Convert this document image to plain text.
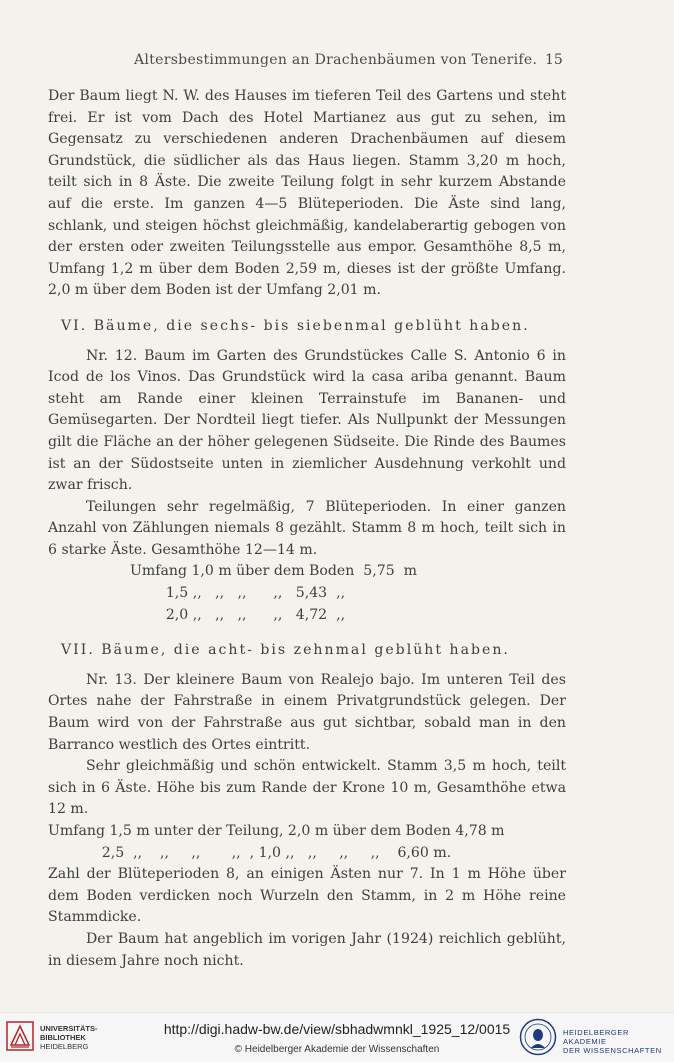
Altersbestimmungen an Drachenbäumen von Tenerife. 15

Der Baum liegt N. W. des Hauses im tieferen Teil des Gartens und steht frei. Er ist vom Dach des Hotel Martianez aus gut zu sehen, im Gegensatz zu verschiedenen anderen Drachenbäumen auf diesem Grundstück, die südlicher als das Haus liegen. Stamm 3,20 m hoch, teilt sich in 8 Äste. Die zweite Teilung folgt in sehr kurzem Abstande auf die erste. Im ganzen 4—5 Blüteperioden. Die Äste sind lang, schlank, und steigen höchst gleichmäßig, kandelaberartig gebogen von der ersten oder zweiten Teilungsstelle aus empor. Gesamthöhe 8,5 m, Umfang 1,2 m über dem Boden 2,59 m, dieses ist der größte Umfang. 2,0 m über dem Boden ist der Umfang 2,01 m.

VI. Bäume, die sechs- bis siebenmal geblüht haben.

Nr. 12. Baum im Garten des Grundstückes Calle S. Antonio 6 in Icod de los Vinos. Das Grundstück wird la casa ariba genannt. Baum steht am Rande einer kleinen Terrainstufe im Bananen- und Gemüsegarten. Der Nordteil liegt tiefer. Als Nullpunkt der Messungen gilt die Fläche an der höher gelegenen Südseite. Die Rinde des Baumes ist an der Südostseite unten in ziemlicher Ausdehnung verkohlt und zwar frisch.

Teilungen sehr regelmäßig, 7 Blüteperioden. In einer ganzen Anzahl von Zählungen niemals 8 gezählt. Stamm 8 m hoch, teilt sich in 6 starke Äste. Gesamthöhe 12—14 m.

Umfang 1,0 m über dem Boden  5,75  m

1,5 ,,   ,,   ,,      ,,   5,43  ,,

2,0 ,,   ,,   ,,      ,,   4,72  ,,

VII. Bäume, die acht- bis zehnmal geblüht haben.

Nr. 13. Der kleinere Baum von Realejo bajo. Im unteren Teil des Ortes nahe der Fahrstraße in einem Privatgrundstück gelegen. Der Baum wird von der Fahrstraße aus gut sichtbar, sobald man in den Barranco westlich des Ortes eintritt.

Sehr gleichmäßig und schön entwickelt. Stamm 3,5 m hoch, teilt sich in 6 Äste. Höhe bis zum Rande der Krone 10 m, Gesamthöhe etwa 12 m.

Umfang 1,5 m unter der Teilung, 2,0 m über dem Boden 4,78 m

2,5  ,,    ,,     ,,       ,,  , 1,0 ,,   ,,     ,,     ,,    6,60 m.

Zahl der Blüteperioden 8, an einigen Ästen nur 7. In 1 m Höhe über dem Boden verdicken noch Wurzeln den Stamm, in 2 m Höhe reine Stammdicke.

Der Baum hat angeblich im vorigen Jahr (1924) reichlich geblüht, in diesem Jahre noch nicht.

UNIVERSITÄTS-
BIBLIOTHEK
HEIDELBERG
http://digi.hadw-bw.de/view/sbhadwmnkl_1925_12/0015
© Heidelberger Akademie der Wissenschaften
HEIDELBERGER AKADEMIE
DER WISSENSCHAFTEN
